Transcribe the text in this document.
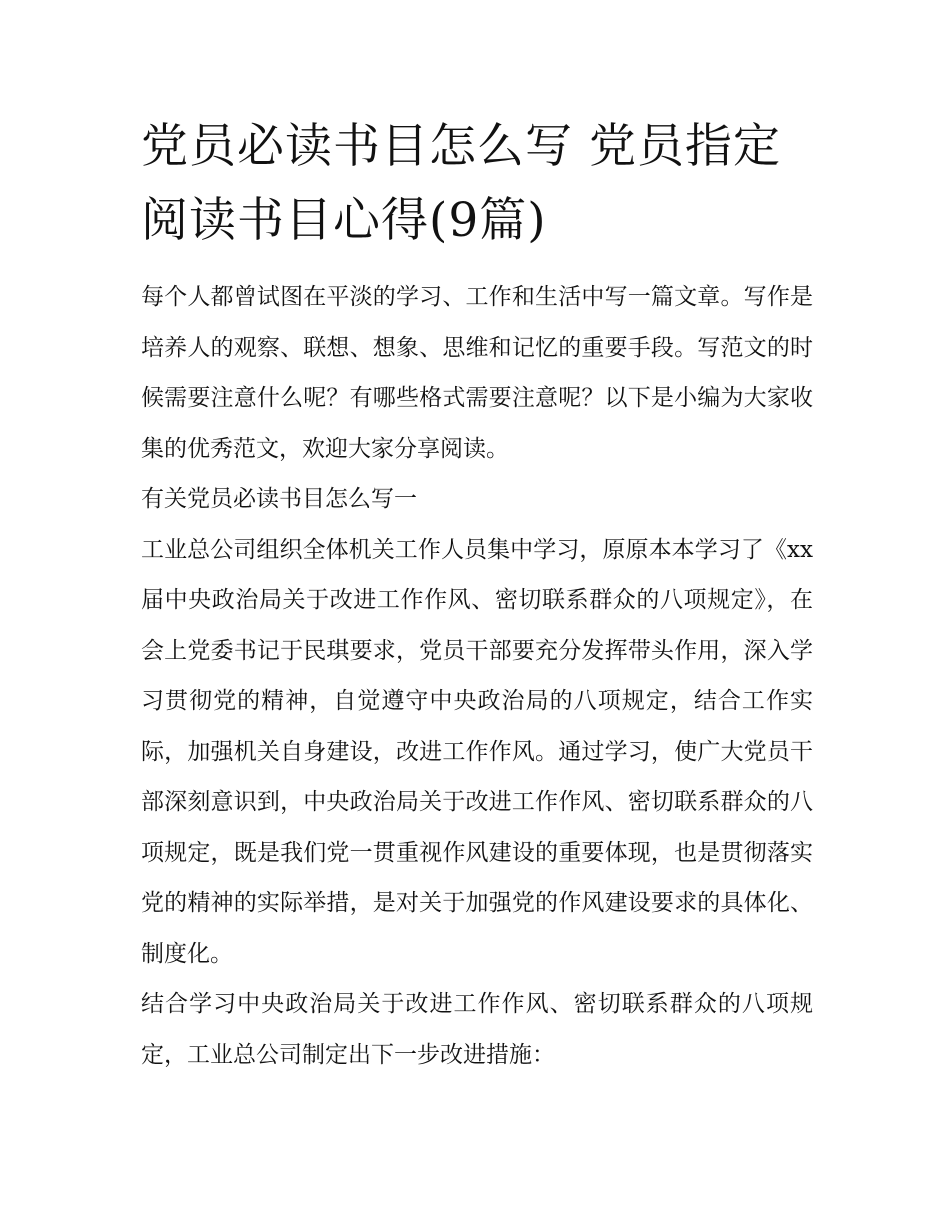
党员必读书目怎么写 党员指定阅读书目心得(9篇)

每个人都曾试图在平淡的学习、工作和生活中写一篇文章。写作是培养人的观察、联想、想象、思维和记忆的重要手段。写范文的时候需要注意什么呢？有哪些格式需要注意呢？以下是小编为大家收集的优秀范文，欢迎大家分享阅读。

有关党员必读书目怎么写一

工业总公司组织全体机关工作人员集中学习，原原本本学习了《xx届中央政治局关于改进工作作风、密切联系群众的八项规定》，在会上党委书记于民琪要求，党员干部要充分发挥带头作用，深入学习贯彻党的精神，自觉遵守中央政治局的八项规定，结合工作实际，加强机关自身建设，改进工作作风。通过学习，使广大党员干部深刻意识到，中央政治局关于改进工作作风、密切联系群众的八项规定，既是我们党一贯重视作风建设的重要体现，也是贯彻落实党的精神的实际举措，是对关于加强党的作风建设要求的具体化、制度化。

结合学习中央政治局关于改进工作作风、密切联系群众的八项规定，工业总公司制定出下一步改进措施：
